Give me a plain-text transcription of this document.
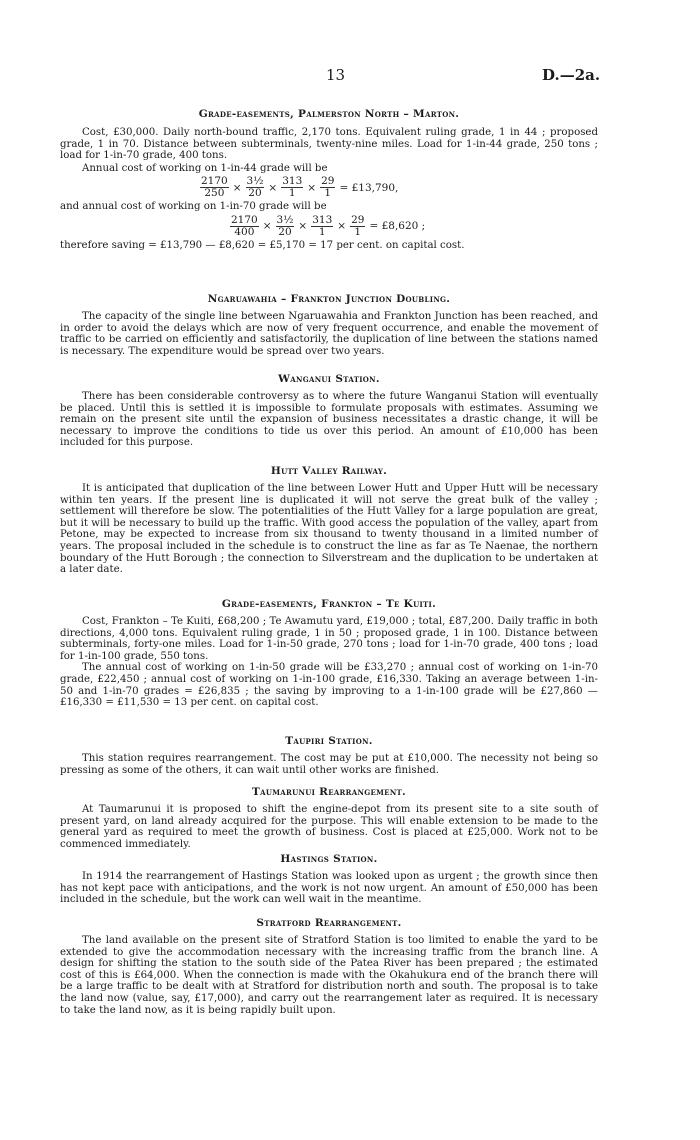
13	D.—2a.
Grade-easements, Palmerston North – Marton.

Cost, £30,000. Daily north-bound traffic, 2,170 tons. Equivalent ruling grade, 1 in 44 ; proposed grade, 1 in 70. Distance between subterminals, twenty-nine miles. Load for 1-in-44 grade, 250 tons ; load for 1-in-70 grade, 400 tons.

Annual cost of working on 1-in-44 grade will be

$\frac{2170}{250} \times \frac{\text{3½}}{20} \times \frac{313}{1} \times \frac{29}{1}$ = £13,790,

and annual cost of working on 1-in-70 grade will be

$\frac{2170}{400} \times \frac{\text{3½}}{20} \times \frac{313}{1} \times \frac{29}{1}$ = £8,620 ;

therefore saving = £13,790 — £8,620 = £5,170 = 17 per cent. on capital cost.

Ngaruawahia – Frankton Junction Doubling.

The capacity of the single line between Ngaruawahia and Frankton Junction has been reached, and in order to avoid the delays which are now of very frequent occurrence, and enable the movement of traffic to be carried on efficiently and satisfactorily, the duplication of line between the stations named is necessary. The expenditure would be spread over two years.

Wanganui Station.

There has been considerable controversy as to where the future Wanganui Station will eventually be placed. Until this is settled it is impossible to formulate proposals with estimates. Assuming we remain on the present site until the expansion of business necessitates a drastic change, it will be necessary to improve the conditions to tide us over this period. An amount of £10,000 has been included for this purpose.

Hutt Valley Railway.

It is anticipated that duplication of the line between Lower Hutt and Upper Hutt will be necessary within ten years. If the present line is duplicated it will not serve the great bulk of the valley ; settlement will therefore be slow. The potentialities of the Hutt Valley for a large population are great, but it will be necessary to build up the traffic. With good access the population of the valley, apart from Petone, may be expected to increase from six thousand to twenty thousand in a limited number of years. The proposal included in the schedule is to construct the line as far as Te Naenae, the northern boundary of the Hutt Borough ; the connection to Silverstream and the duplication to be undertaken at a later date.

Grade-easements, Frankton – Te Kuiti.

Cost, Frankton – Te Kuiti, £68,200 ; Te Awamutu yard, £19,000 ; total, £87,200. Daily traffic in both directions, 4,000 tons. Equivalent ruling grade, 1 in 50 ; proposed grade, 1 in 100. Distance between subterminals, forty-one miles. Load for 1-in-50 grade, 270 tons ; load for 1-in-70 grade, 400 tons ; load for 1-in-100 grade, 550 tons.

The annual cost of working on 1-in-50 grade will be £33,270 ; annual cost of working on 1-in-70 grade, £22,450 ; annual cost of working on 1-in-100 grade, £16,330. Taking an average between 1-in-50 and 1-in-70 grades = £26,835 ; the saving by improving to a 1-in-100 grade will be £27,860 — £16,330 = £11,530 = 13 per cent. on capital cost.

Taupiri Station.

This station requires rearrangement. The cost may be put at £10,000. The necessity not being so pressing as some of the others, it can wait until other works are finished.

Taumarunui Rearrangement.

At Taumarunui it is proposed to shift the engine-depot from its present site to a site south of present yard, on land already acquired for the purpose. This will enable extension to be made to the general yard as required to meet the growth of business. Cost is placed at £25,000. Work not to be commenced immediately.

Hastings Station.

In 1914 the rearrangement of Hastings Station was looked upon as urgent ; the growth since then has not kept pace with anticipations, and the work is not now urgent. An amount of £50,000 has been included in the schedule, but the work can well wait in the meantime.

Stratford Rearrangement.

The land available on the present site of Stratford Station is too limited to enable the yard to be extended to give the accommodation necessary with the increasing traffic from the branch line. A design for shifting the station to the south side of the Patea River has been prepared ; the estimated cost of this is £64,000. When the connection is made with the Okahukura end of the branch there will be a large traffic to be dealt with at Stratford for distribution north and south. The proposal is to take the land now (value, say, £17,000), and carry out the rearrangement later as required. It is necessary to take the land now, as it is being rapidly built upon.
